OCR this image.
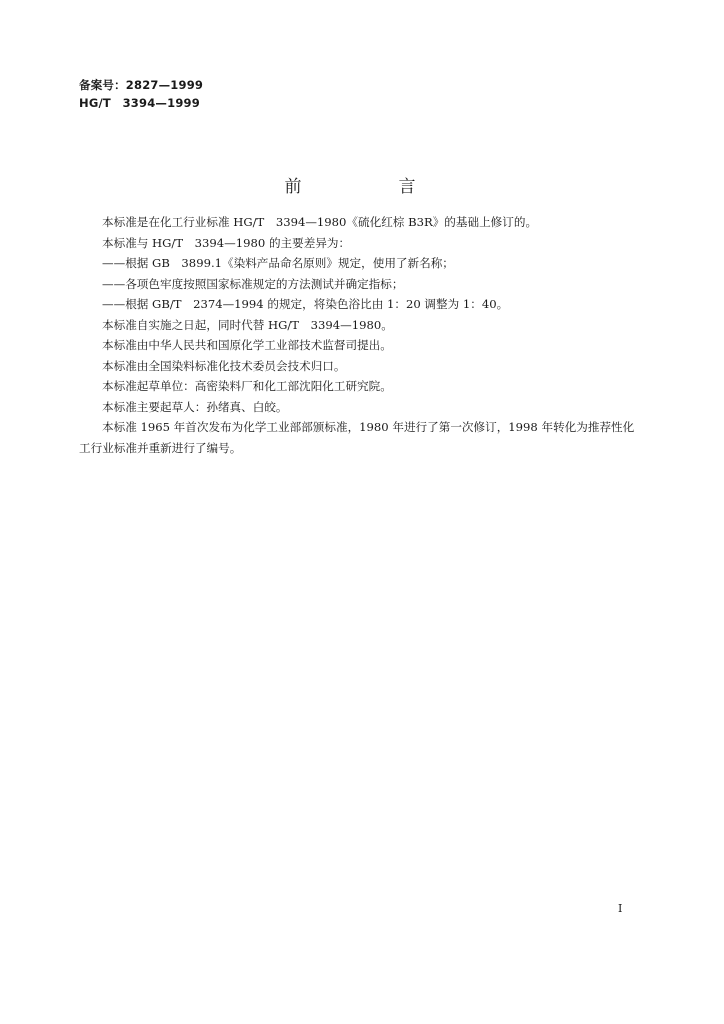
备案号：2827—1999
HG/T　3394—1999
前　言

本标准是在化工行业标准 HG/T　3394—1980《硫化红棕 B3R》的基础上修订的。

本标准与 HG/T　3394—1980 的主要差异为：

——根据 GB　3899.1《染料产品命名原则》规定，使用了新名称；

——各项色牢度按照国家标准规定的方法测试并确定指标；

——根据 GB/T　2374—1994 的规定，将染色浴比由 1：20 调整为 1：40。

本标准自实施之日起，同时代替 HG/T　3394—1980。

本标准由中华人民共和国原化学工业部技术监督司提出。

本标准由全国染料标准化技术委员会技术归口。

本标准起草单位：高密染料厂和化工部沈阳化工研究院。

本标准主要起草人：孙绪真、白皎。

本标准 1965 年首次发布为化学工业部部颁标准，1980 年进行了第一次修订，1998 年转化为推荐性化工行业标准并重新进行了编号。

I
